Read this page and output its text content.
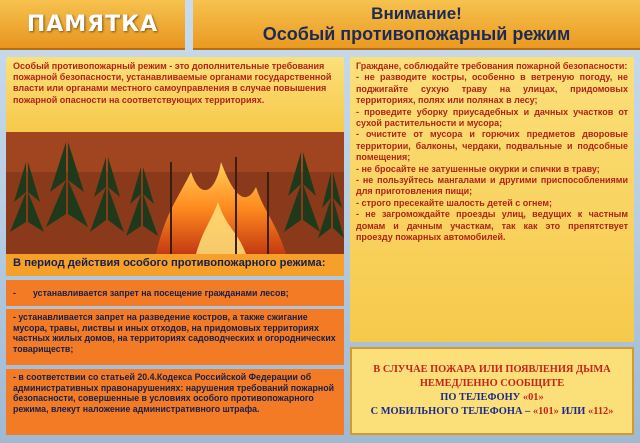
ПАМЯТКА	Внимание!
Особый противопожарный режим
Особый противопожарный режим - это дополнительные требования пожарной безопасности, устанавливаемые органами государственной власти или органами местного самоуправления в случае повышения пожарной опасности на соответствующих территориях.
В период действия особого противопожарного режима:
-	устанавливается запрет на посещение гражданами лесов;
- устанавливается запрет на разведение костров, а также сжигание мусора, травы, листвы и иных отходов, на придомовых территориях частных жилых домов, на территориях садоводческих и огороднических товариществ;
- в соответствии со статьей 20.4.Кодекса Российской Федерации об административных правонарушениях: нарушения требований пожарной безопасности, совершенные в условиях особого противопожарного режима, влекут наложение административного штрафа.

Граждане, соблюдайте требования пожарной безопасности:

- не разводите костры, особенно в ветреную погоду, не поджигайте сухую траву на улицах, придомовых территориях, полях или полянах в лесу;

- проведите уборку приусадебных и дачных участков от сухой растительности и мусора;

- очистите от мусора и горючих предметов дворовые территории, балконы, чердаки, подвальные и подсобные помещения;

- не бросайте не затушенные окурки и спички в траву;

- не пользуйтесь мангалами и другими приспособлениями для приготовления пищи;

- строго пресекайте шалость детей с огнем;

- не загромождайте проезды улиц, ведущих к частным домам и дачным участкам, так как это препятствует проезду пожарных автомобилей.

В СЛУЧАЕ ПОЖАРА ИЛИ ПОЯВЛЕНИЯ ДЫМА
НЕМЕДЛЕННО СООБЩИТЕ
ПО ТЕЛЕФОНУ «01»
С МОБИЛЬНОГО ТЕЛЕФОНА – «101» ИЛИ «112»
